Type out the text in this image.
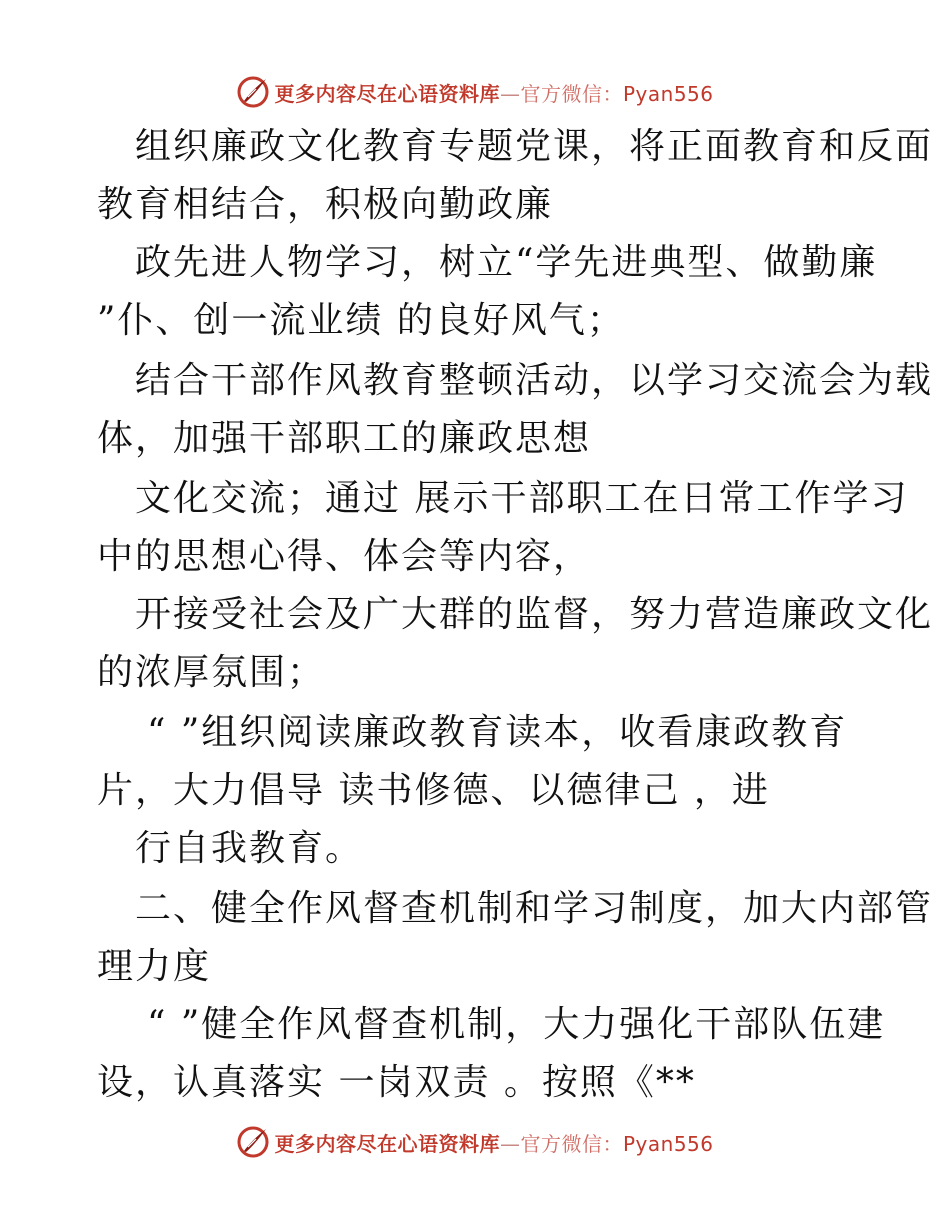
更多内容尽在心语资料库—官方微信：Pyan556
组织廉政文化教育专题党课，将正面教育和反面
教育相结合，积极向勤政廉
政先进人物学习，树立“学先进典型、做勤廉
”仆、创一流业绩 的良好风气；
结合干部作风教育整顿活动，以学习交流会为载
体，加强干部职工的廉政思想
文化交流；通过 展示干部职工在日常工作学习
中的思想心得、体会等内容，
开接受社会及广大群的监督，努力营造廉政文化
的浓厚氛围；
“ ”组织阅读廉政教育读本，收看康政教育
片，大力倡导 读书修德、以德律己 ，进
行自我教育。
二、健全作风督查机制和学习制度，加大内部管
理力度
“ ”健全作风督查机制，大力强化干部队伍建
设，认真落实 一岗双责 。按照《**
更多内容尽在心语资料库—官方微信：Pyan556
